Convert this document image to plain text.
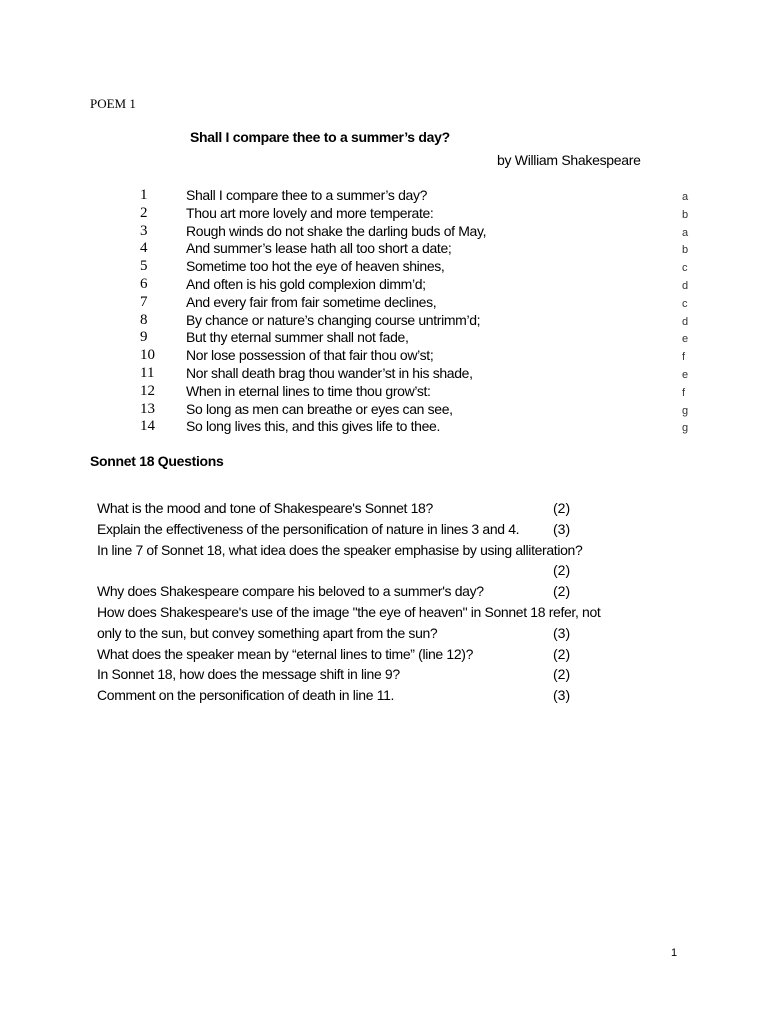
POEM 1
Shall I compare thee to a summer’s day?
by William Shakespeare
1	Shall I compare thee to a summer’s day?	a
2	Thou art more lovely and more temperate:	b
3	Rough winds do not shake the darling buds of May,	a
4	And summer’s lease hath all too short a date;	b
5	Sometime too hot the eye of heaven shines,	c
6	And often is his gold complexion dimm’d;	d
7	And every fair from fair sometime declines,	c
8	By chance or nature’s changing course untrimm’d;	d
9	But thy eternal summer shall not fade,	e
10 Nor lose possession of that fair thou ow’st;	f
11 Nor shall death brag thou wander’st in his shade,	e
12 When in eternal lines to time thou grow’st:	f
13 So long as men can breathe or eyes can see,	g
14 So long lives this, and this gives life to thee.	g
Sonnet 18 Questions
What is the mood and tone of Shakespeare's Sonnet 18?	(2)
Explain the effectiveness of the personification of nature in lines 3 and 4. (3)
In line 7 of Sonnet 18, what idea does the speaker emphasise by using alliteration?
(2)
Why does Shakespeare compare his beloved to a summer's day?	(2)
How does Shakespeare's use of the image "the eye of heaven" in Sonnet 18 refer, not
only to the sun, but convey something apart from the sun?	(3)
What does the speaker mean by “eternal lines to time” (line 12)?	(2)
In Sonnet 18, how does the message shift in line 9?	(2)
Comment on the personification of death in line 11.	(3)
1
